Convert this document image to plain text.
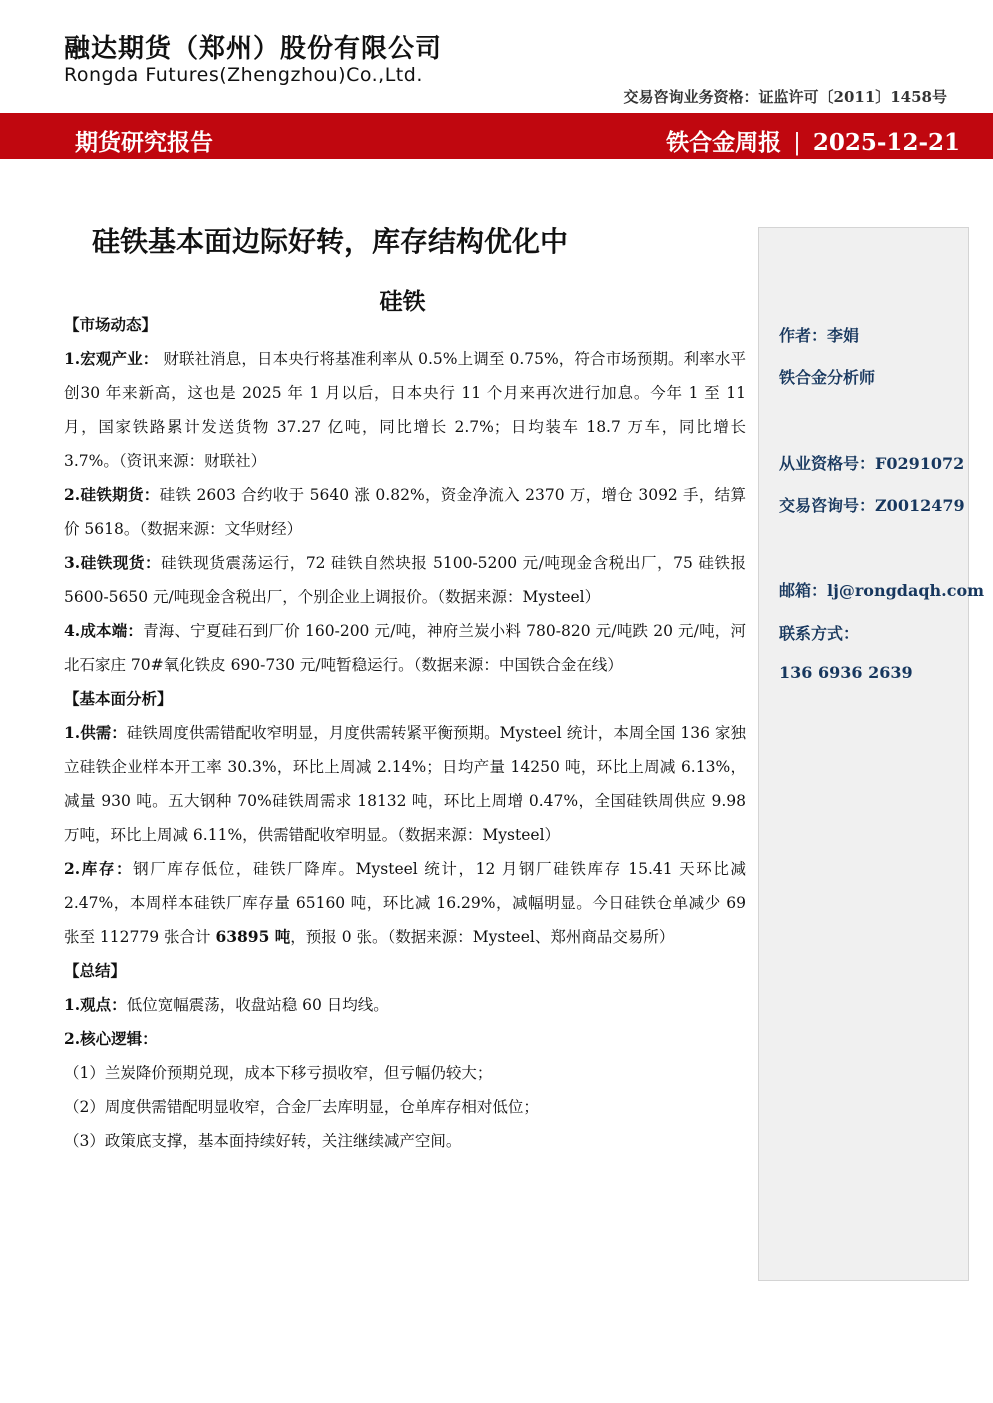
融达期货（郑州）股份有限公司
Rongda Futures(Zhengzhou)Co.,Ltd.
交易咨询业务资格：证监许可〔2011〕1458号
期货研究报告	铁合金周报 | 2025-12-21
硅铁基本面边际好转，库存结构优化中
硅铁
作者：李娟
铁合金分析师
从业资格号：F0291072
交易咨询号：Z0012479
邮箱：lj@rongdaqh.com
联系方式：
136 6936 2639

【市场动态】

1.宏观产业： 财联社消息，日本央行将基准利率从 0.5%上调至 0.75%，符合市场预期。利率水平创30 年来新高，这也是 2025 年 1 月以后，日本央行 11 个月来再次进行加息。今年 1 至 11 月，国家铁路累计发送货物 37.27 亿吨，同比增长 2.7%；日均装车 18.7 万车，同比增长 3.7%。（资讯来源：财联社）

2.硅铁期货：硅铁 2603 合约收于 5640 涨 0.82%，资金净流入 2370 万，增仓 3092 手，结算价 5618。（数据来源：文华财经）

3.硅铁现货：硅铁现货震荡运行，72 硅铁自然块报 5100-5200 元/吨现金含税出厂，75 硅铁报 5600-5650 元/吨现金含税出厂，个别企业上调报价。（数据来源：Mysteel）

4.成本端：青海、宁夏硅石到厂价 160-200 元/吨，神府兰炭小料 780-820 元/吨跌 20 元/吨，河北石家庄 70#氧化铁皮 690-730 元/吨暂稳运行。（数据来源：中国铁合金在线）

【基本面分析】

1.供需：硅铁周度供需错配收窄明显，月度供需转紧平衡预期。Mysteel 统计，本周全国 136 家独立硅铁企业样本开工率 30.3%，环比上周减 2.14%；日均产量 14250 吨，环比上周减 6.13%，减量 930 吨。五大钢种 70%硅铁周需求 18132 吨，环比上周增 0.47%，全国硅铁周供应 9.98 万吨，环比上周减 6.11%，供需错配收窄明显。（数据来源：Mysteel）

2.库存：钢厂库存低位，硅铁厂降库。Mysteel 统计，12 月钢厂硅铁库存 15.41 天环比减 2.47%，本周样本硅铁厂库存量 65160 吨，环比减 16.29%，减幅明显。今日硅铁仓单减少 69 张至 112779 张合计 63895 吨，预报 0 张。（数据来源：Mysteel、郑州商品交易所）

【总结】

1.观点：低位宽幅震荡，收盘站稳 60 日均线。

2.核心逻辑：

（1）兰炭降价预期兑现，成本下移亏损收窄，但亏幅仍较大；

（2）周度供需错配明显收窄，合金厂去库明显，仓单库存相对低位；

（3）政策底支撑，基本面持续好转，关注继续减产空间。
